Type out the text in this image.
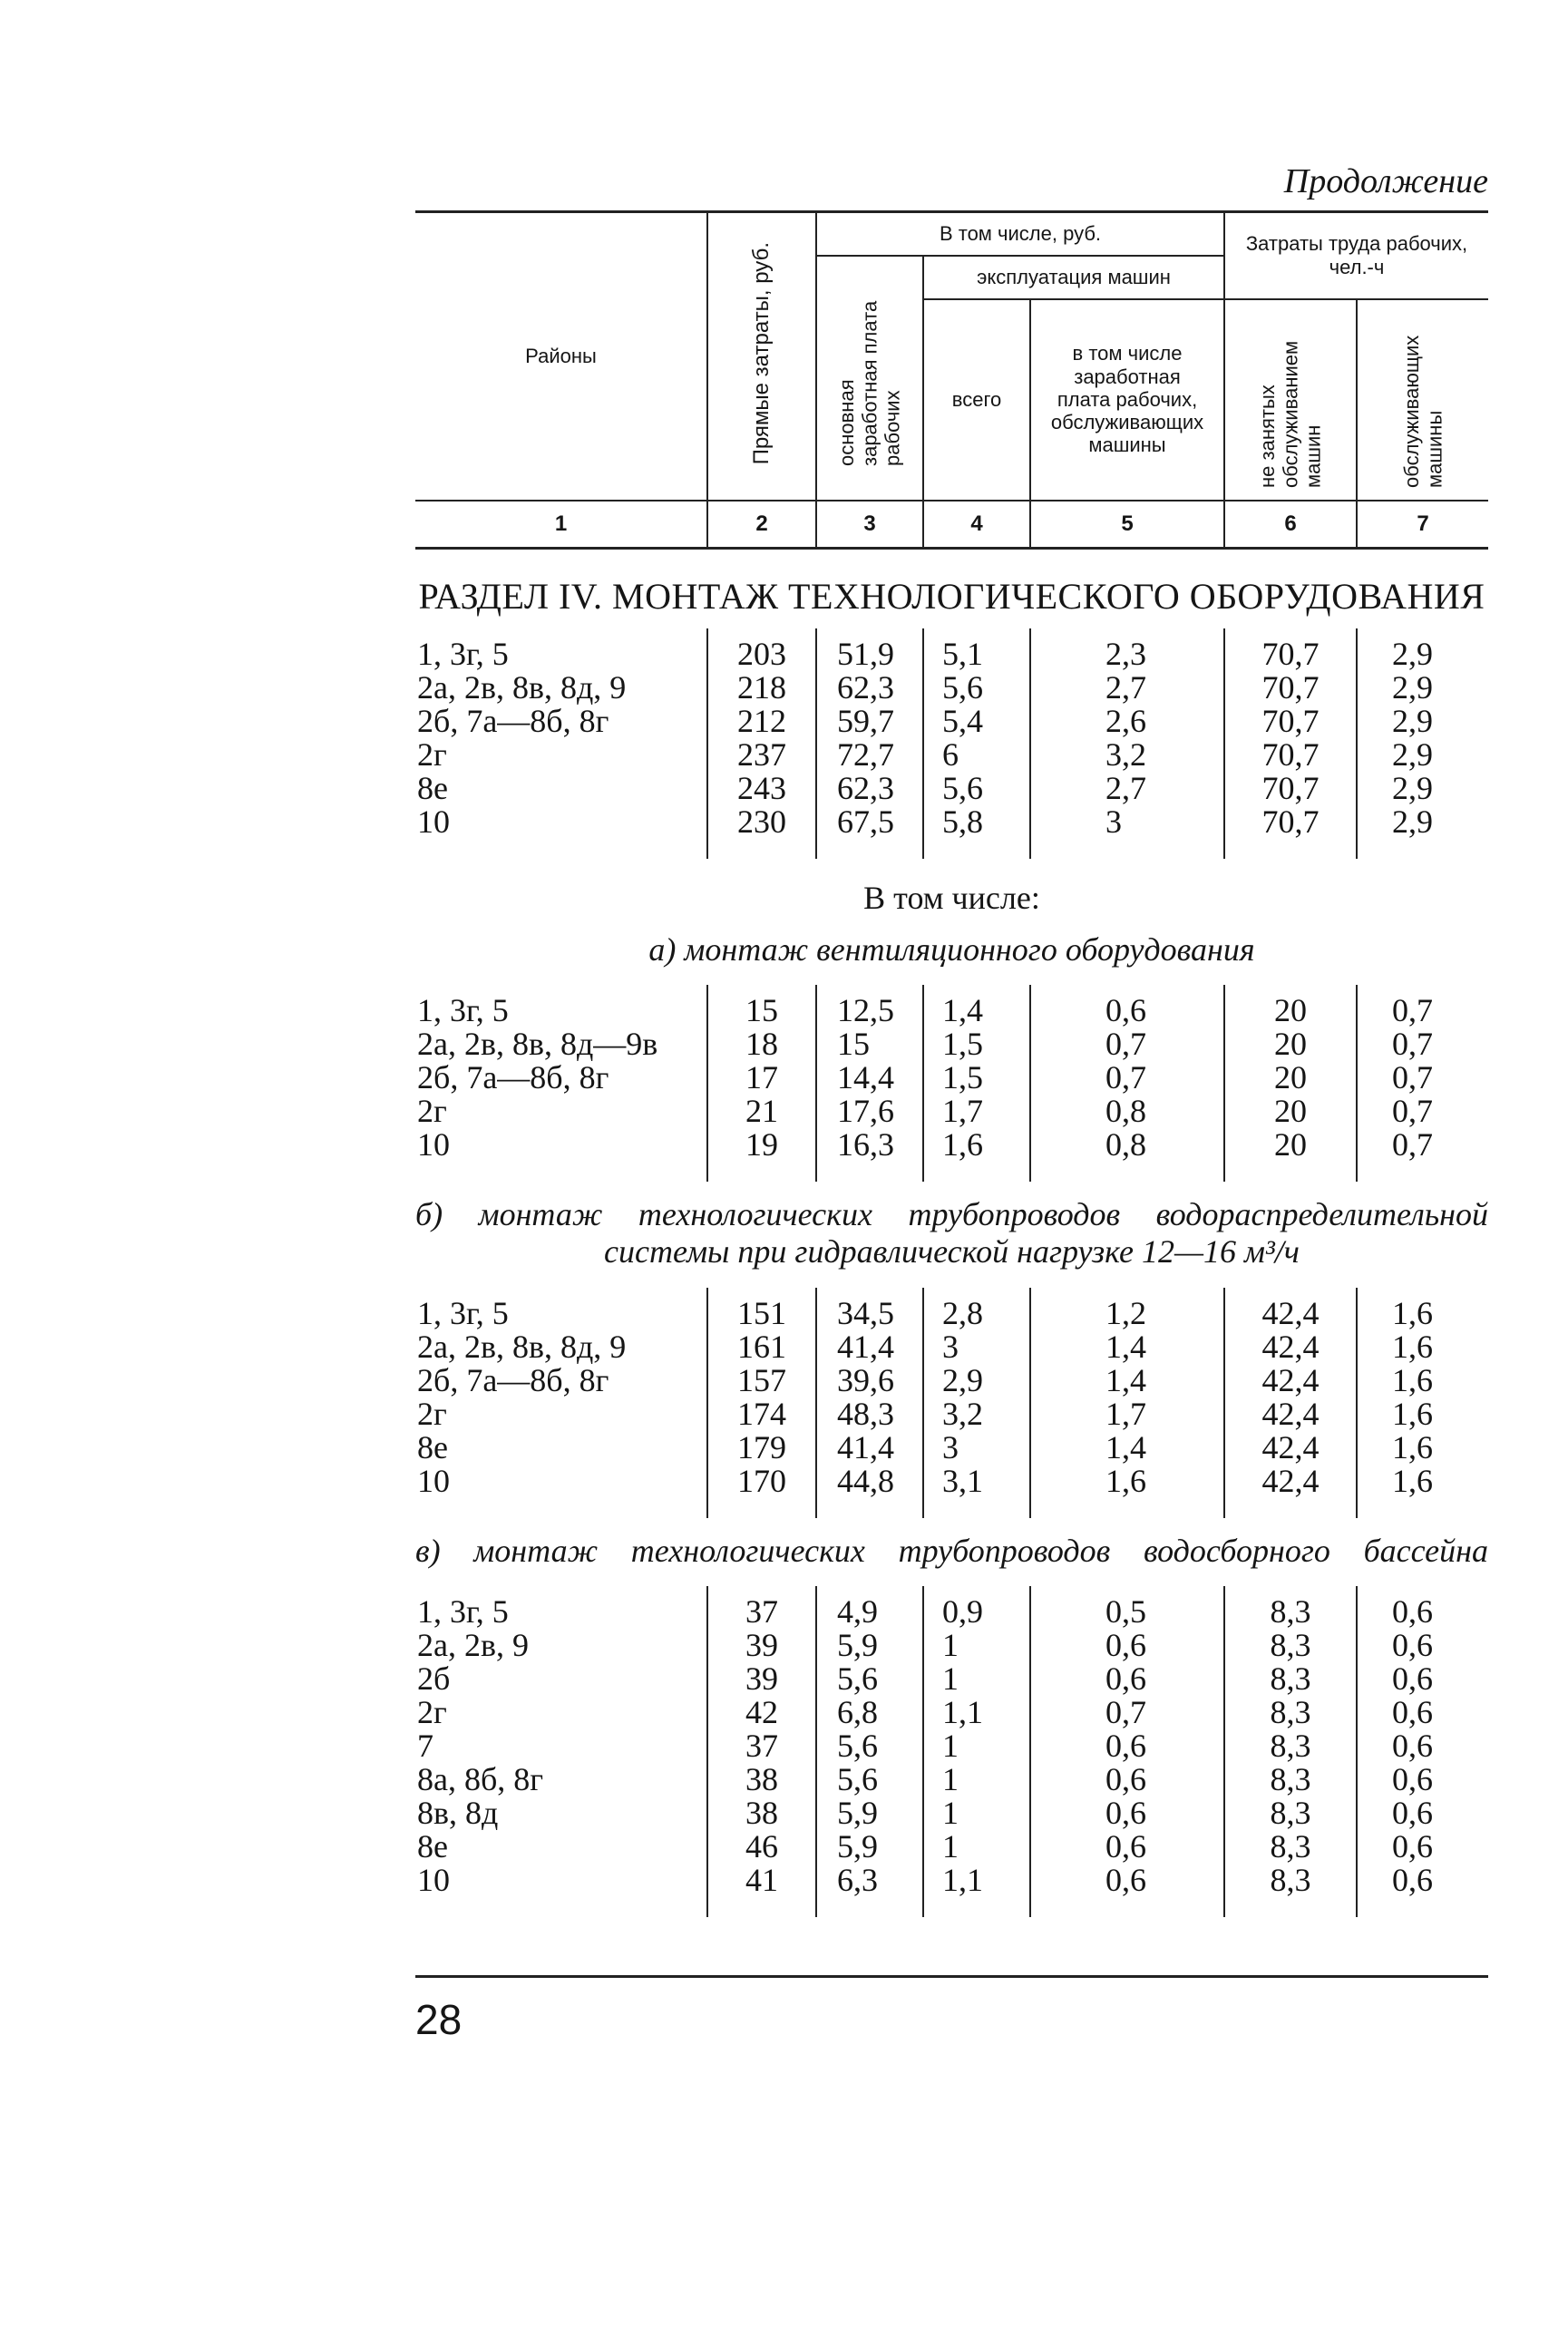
Продолжение
Районы	Прямые затраты, руб.	В том числе, руб.			Затраты труда рабочих, чел.-ч	
		основная заработная плата рабочих	эксплуатация машин			
			всего	в том числе заработная плата рабочих, обслуживающих машины	не занятых обслуживанием машин	обслуживающих машины
1	2	3	4	5	6	7
РАЗДЕЛ IV. МОНТАЖ ТЕХНОЛОГИЧЕСКОГО ОБОРУДОВАНИЯ						
1, 3г, 5	203	51,9	5,1	2,3	70,7	2,9
2а, 2в, 8в, 8д, 9	218	62,3	5,6	2,7	70,7	2,9
2б, 7а—8б, 8г	212	59,7	5,4	2,6	70,7	2,9
2г	237	72,7	6	3,2	70,7	2,9
8е	243	62,3	5,6	2,7	70,7	2,9
10	230	67,5	5,8	3	70,7	2,9
В том числе:						
а) монтаж вентиляционного оборудования						
1, 3г, 5	15	12,5	1,4	0,6	20	0,7
2а, 2в, 8в, 8д—9в	18	15	1,5	0,7	20	0,7
2б, 7а—8б, 8г	17	14,4	1,5	0,7	20	0,7
2г	21	17,6	1,7	0,8	20	0,7
10	19	16,3	1,6	0,8	20	0,7
б) монтаж технологических трубопроводов водораспределительной
системы при гидравлической нагрузке 12—16 м³/ч						

1, 3г, 5	151	34,5	2,8	1,2	42,4	1,6
2а, 2в, 8в, 8д, 9	161	41,4	3	1,4	42,4	1,6
2б, 7а—8б, 8г	157	39,6	2,9	1,4	42,4	1,6
2г	174	48,3	3,2	1,7	42,4	1,6
8е	179	41,4	3	1,4	42,4	1,6
10	170	44,8	3,1	1,6	42,4	1,6
в) монтаж технологических трубопроводов водосборного бассейна						
1, 3г, 5	37	4,9	0,9	0,5	8,3	0,6
2а, 2в, 9	39	5,9	1	0,6	8,3	0,6
2б	39	5,6	1	0,6	8,3	0,6
2г	42	6,8	1,1	0,7	8,3	0,6
7	37	5,6	1	0,6	8,3	0,6
8а, 8б, 8г	38	5,6	1	0,6	8,3	0,6
8в, 8д	38	5,9	1	0,6	8,3	0,6
8е	46	5,9	1	0,6	8,3	0,6
10	41	6,3	1,1	0,6	8,3	0,6
28
